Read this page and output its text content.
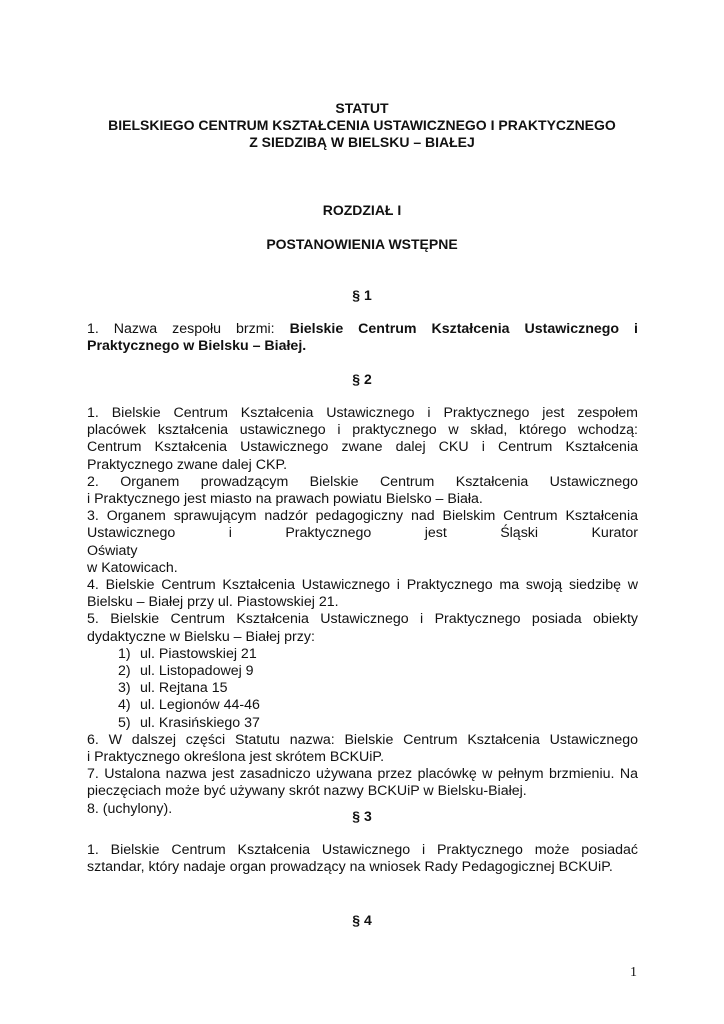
STATUT
BIELSKIEGO CENTRUM KSZTAŁCENIA USTAWICZNEGO I PRAKTYCZNEGO
Z SIEDZIBĄ W BIELSKU – BIAŁEJ
ROZDZIAŁ I
POSTANOWIENIA WSTĘPNE
§ 1
1. Nazwa zespołu brzmi: Bielskie Centrum Kształcenia Ustawicznego i
Praktycznego w Bielsku – Białej.
§ 2
1. Bielskie Centrum Kształcenia Ustawicznego i Praktycznego jest zespołem
placówek kształcenia ustawicznego i praktycznego w skład, którego wchodzą:
Centrum Kształcenia Ustawicznego zwane dalej CKU i Centrum Kształcenia
Praktycznego zwane dalej CKP.
2. Organem prowadzącym Bielskie Centrum Kształcenia Ustawicznego
i Praktycznego jest miasto na prawach powiatu Bielsko – Biała.
3. Organem sprawującym nadzór pedagogiczny nad Bielskim Centrum Kształcenia
Ustawicznego i Praktycznego jest Śląski Kurator Oświaty
w Katowicach.
4. Bielskie Centrum Kształcenia Ustawicznego i Praktycznego ma swoją siedzibę w
Bielsku – Białej przy ul. Piastowskiej 21.
5. Bielskie Centrum Kształcenia Ustawicznego i Praktycznego posiada obiekty
dydaktyczne w Bielsku – Białej przy:
1) ul. Piastowskiej 21
2) ul. Listopadowej 9
3) ul. Rejtana 15
4) ul. Legionów 44-46
5) ul. Krasińskiego 37
6. W dalszej części Statutu nazwa: Bielskie Centrum Kształcenia Ustawicznego
i Praktycznego określona jest skrótem BCKUiP.
7. Ustalona nazwa jest zasadniczo używana przez placówkę w pełnym brzmieniu. Na
pieczęciach może być używany skrót nazwy BCKUiP w Bielsku-Białej.
8. (uchylony).	§ 3
1. Bielskie Centrum Kształcenia Ustawicznego i Praktycznego może posiadać
sztandar, który nadaje organ prowadzący na wniosek Rady Pedagogicznej BCKUiP.
§ 4
1
